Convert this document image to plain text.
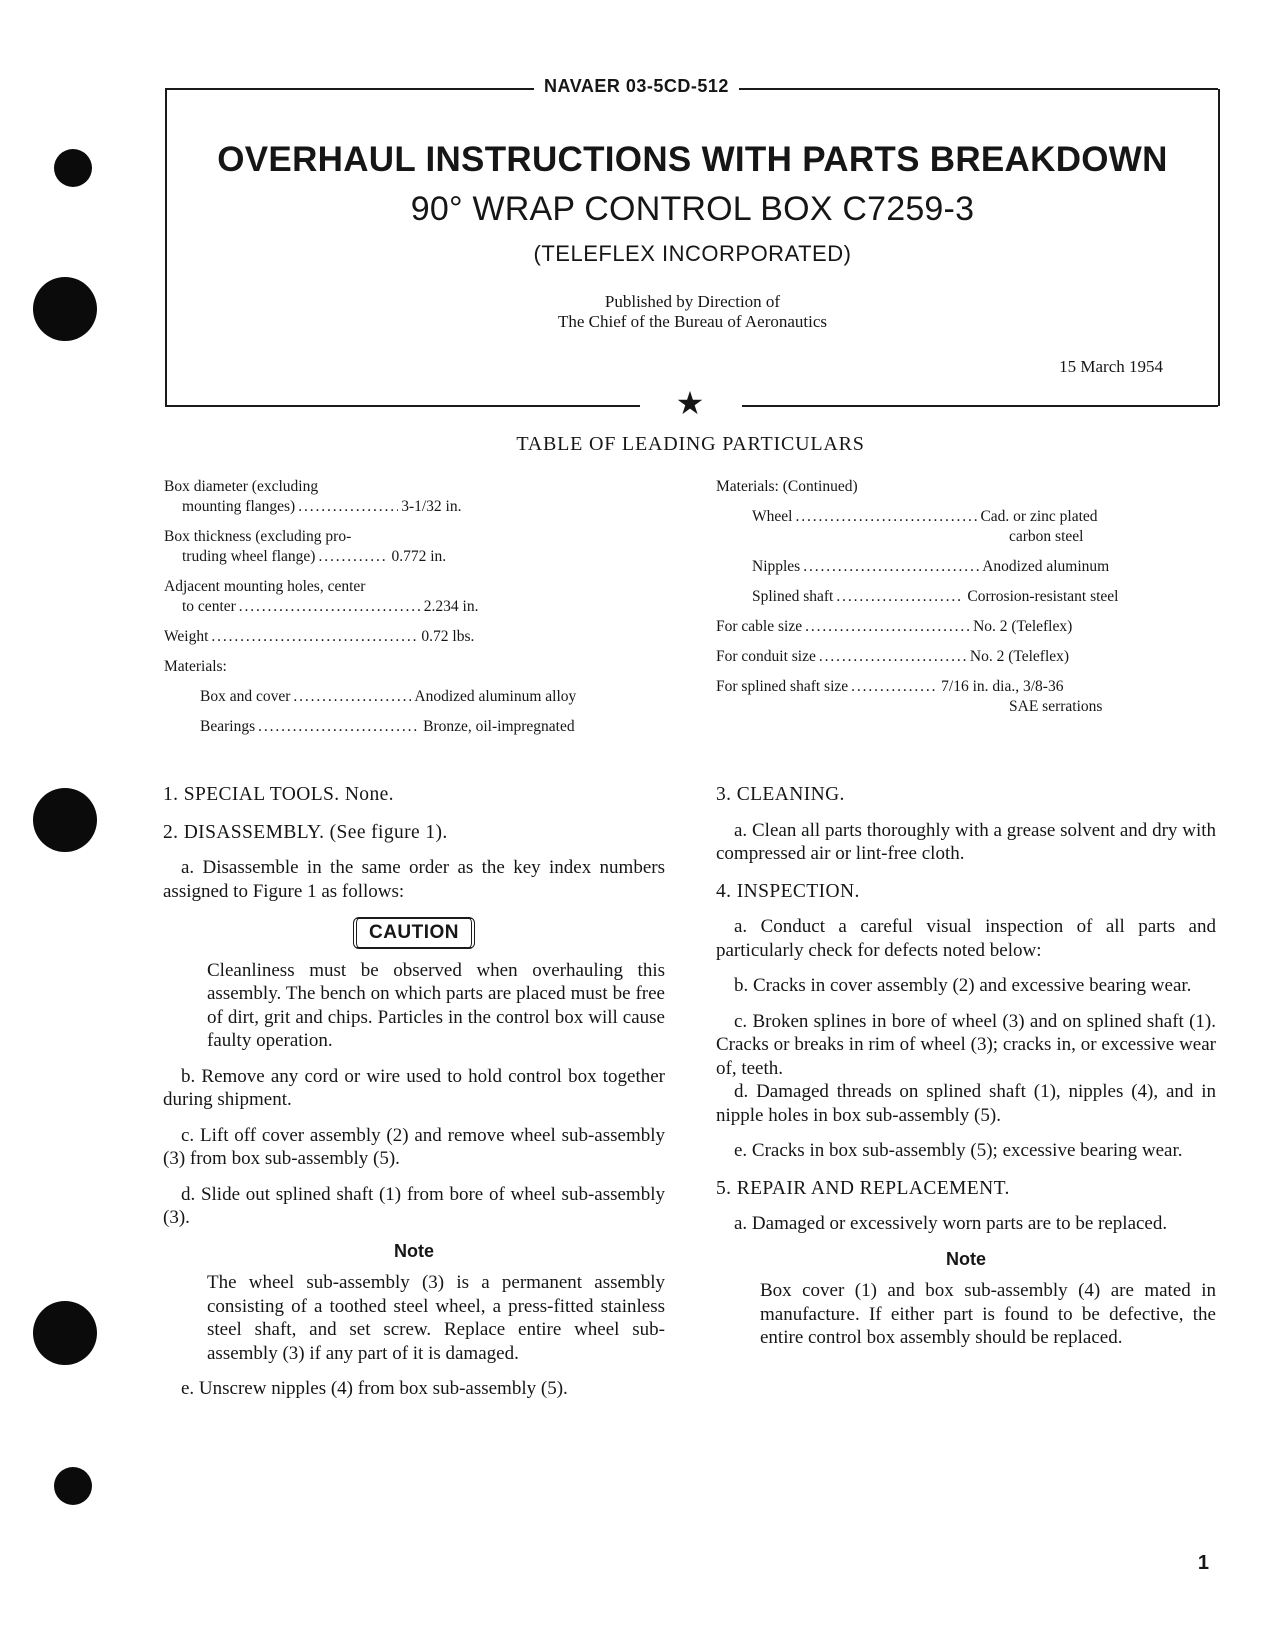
NAVAER 03-5CD-512
OVERHAUL INSTRUCTIONS WITH PARTS BREAKDOWN
90° WRAP CONTROL BOX C7259-3
(TELEFLEX INCORPORATED)
Published by Direction of
The Chief of the Bureau of Aeronautics
15 March 1954
★
TABLE OF LEADING PARTICULARS
Box diameter (excluding
mounting flanges) . . .	3-1/32 in.
Box thickness (excluding pro-
truding wheel flange) . . .	0.772 in.
Adjacent mounting holes, center
to center . . .	2.234 in.
Weight . . .	0.72 lbs.
Materials:
Box and cover . . .	Anodized aluminum alloy
Bearings . . .	Bronze, oil-impregnated
Materials: (Continued)
Wheel . . .	Cad. or zinc plated
carbon steel
Nipples . . .	Anodized aluminum
Splined shaft . . .	Corrosion-resistant steel
For cable size . . .	No. 2 (Teleflex)
For conduit size . . .	No. 2 (Teleflex)
For splined shaft size . . .	7/16 in. dia., 3/8-36
SAE serrations

1. SPECIAL TOOLS. None.

2. DISASSEMBLY. (See figure 1).

a. Disassemble in the same order as the key index numbers assigned to Figure 1 as follows:

CAUTION

Cleanliness must be observed when overhauling this assembly. The bench on which parts are placed must be free of dirt, grit and chips. Particles in the control box will cause faulty operation.

b. Remove any cord or wire used to hold control box together during shipment.

c. Lift off cover assembly (2) and remove wheel sub-assembly (3) from box sub-assembly (5).

d. Slide out splined shaft (1) from bore of wheel sub-assembly (3).

Note

The wheel sub-assembly (3) is a permanent assembly consisting of a toothed steel wheel, a press-fitted stainless steel shaft, and set screw. Replace entire wheel sub-assembly (3) if any part of it is damaged.

e. Unscrew nipples (4) from box sub-assembly (5).

3. CLEANING.

a. Clean all parts thoroughly with a grease solvent and dry with compressed air or lint-free cloth.

4. INSPECTION.

a. Conduct a careful visual inspection of all parts and particularly check for defects noted below:

b. Cracks in cover assembly (2) and excessive bearing wear.

c. Broken splines in bore of wheel (3) and on splined shaft (1). Cracks or breaks in rim of wheel (3); cracks in, or excessive wear of, teeth.

d. Damaged threads on splined shaft (1), nipples (4), and in nipple holes in box sub-assembly (5).

e. Cracks in box sub-assembly (5); excessive bearing wear.

5. REPAIR AND REPLACEMENT.

a. Damaged or excessively worn parts are to be replaced.

Note

Box cover (1) and box sub-assembly (4) are mated in manufacture. If either part is found to be defective, the entire control box assembly should be replaced.

1
